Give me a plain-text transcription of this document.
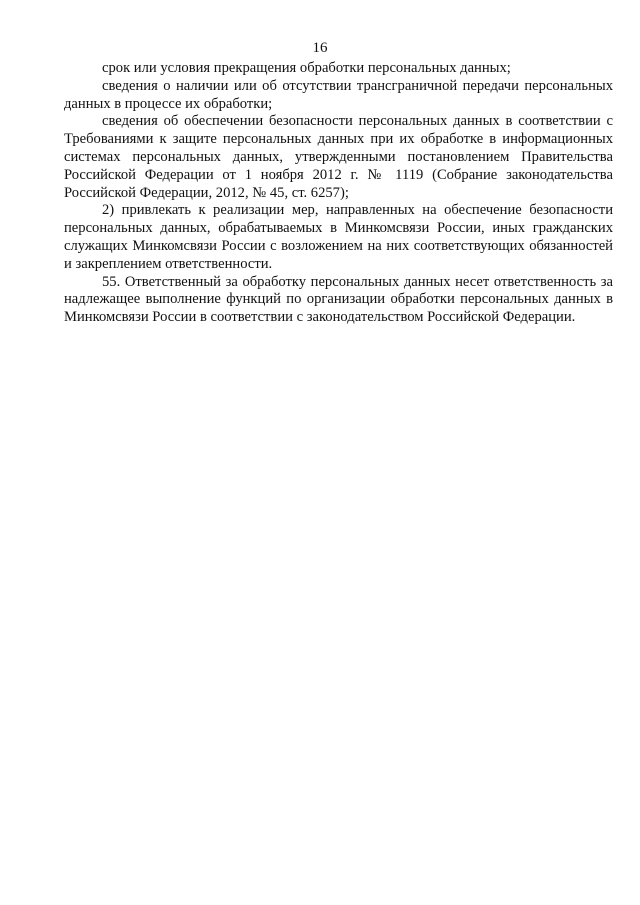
16

срок или условия прекращения обработки персональных данных;

сведения о наличии или об отсутствии трансграничной передачи персональных данных в процессе их обработки;

сведения об обеспечении безопасности персональных данных в соответствии с Требованиями к защите персональных данных при их обработке в информационных системах персональных данных, утвержденными постановлением Правительства Российской Федерации от 1 ноября 2012 г. № 1119 (Собрание законодательства Российской Федерации, 2012, № 45, ст. 6257);

2) привлекать к реализации мер, направленных на обеспечение безопасности персональных данных, обрабатываемых в Минкомсвязи России, иных гражданских служащих Минкомсвязи России с возложением на них соответствующих обязанностей и закреплением ответственности.

55. Ответственный за обработку персональных данных несет ответственность за надлежащее выполнение функций по организации обработки персональных данных в Минкомсвязи России в соответствии с законодательством Российской Федерации.
